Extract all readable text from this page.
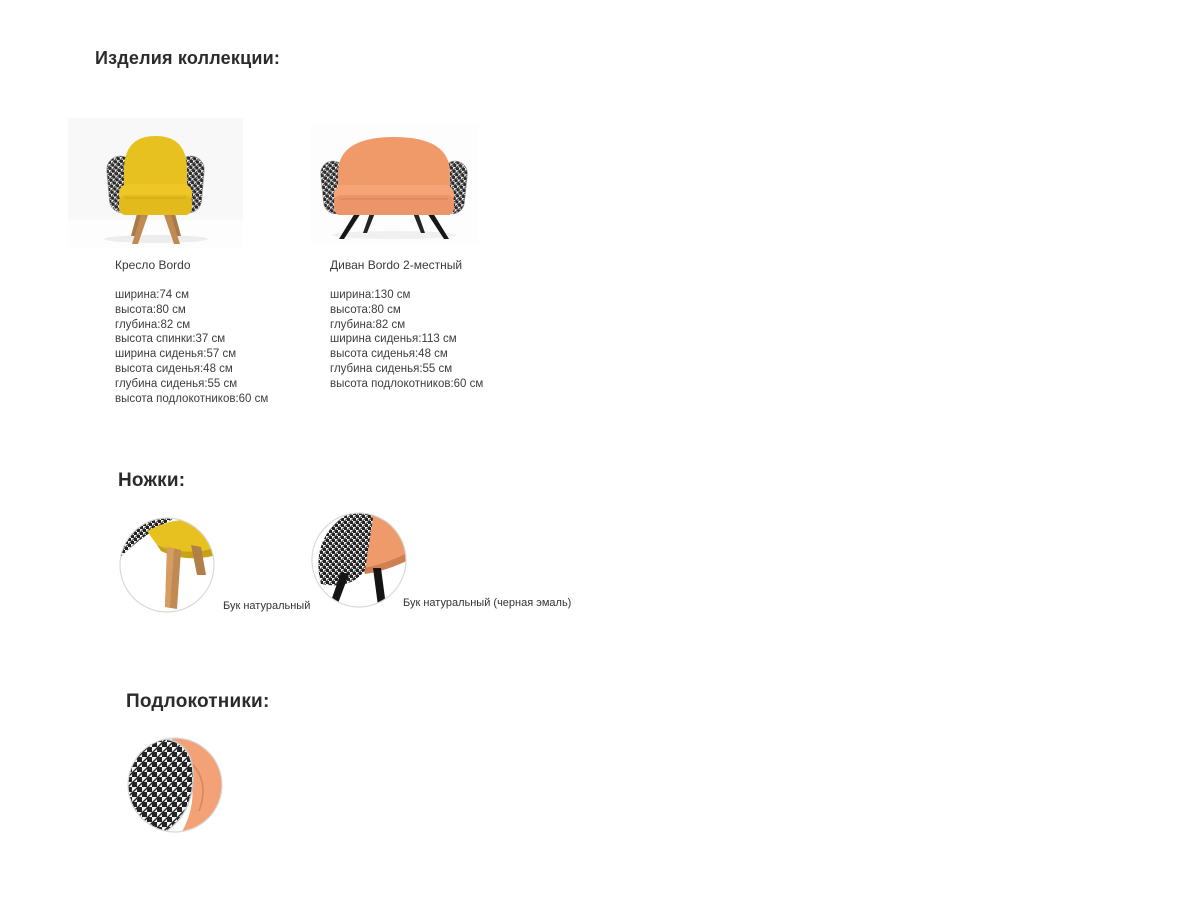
Изделия коллекции:
Кресло Bordo
ширина:74 см
высота:80 см
глубина:82 см
высота спинки:37 см
ширина сиденья:57 см
высота сиденья:48 см
глубина сиденья:55 см
высота подлокотников:60 см
Диван Bordo 2-местный
ширина:130 см
высота:80 см
глубина:82 см
ширина сиденья:113 см
высота сиденья:48 см
глубина сиденья:55 см
высота подлокотников:60 см
Ножки:
Бук натуральный	Бук натуральный (черная эмаль)
Подлокотники:
